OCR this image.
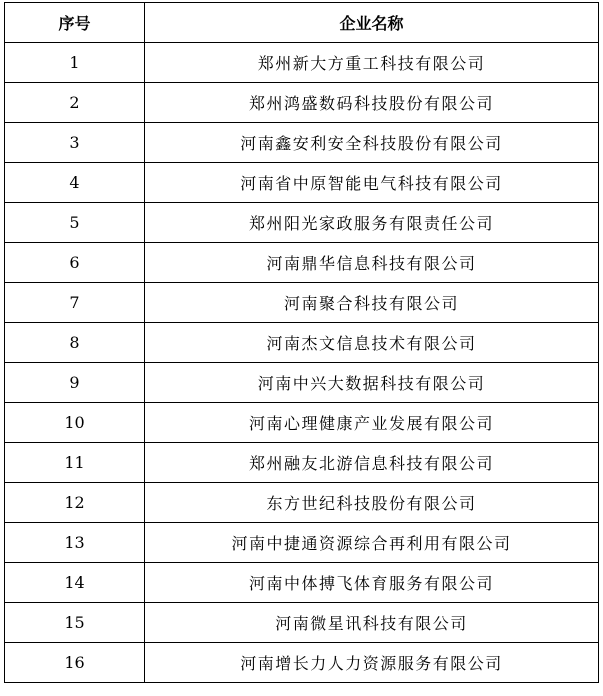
序号	企业名称
1	郑州新大方重工科技有限公司
2	郑州鸿盛数码科技股份有限公司
3	河南鑫安利安全科技股份有限公司
4	河南省中原智能电气科技有限公司
5	郑州阳光家政服务有限责任公司
6	河南鼎华信息科技有限公司
7	河南聚合科技有限公司
8	河南杰文信息技术有限公司
9	河南中兴大数据科技有限公司
10	河南心理健康产业发展有限公司
11	郑州融友北游信息科技有限公司
12	东方世纪科技股份有限公司
13	河南中捷通资源综合再利用有限公司
14	河南中体搏飞体育服务有限公司
15	河南微星讯科技有限公司
16	河南增长力人力资源服务有限公司
